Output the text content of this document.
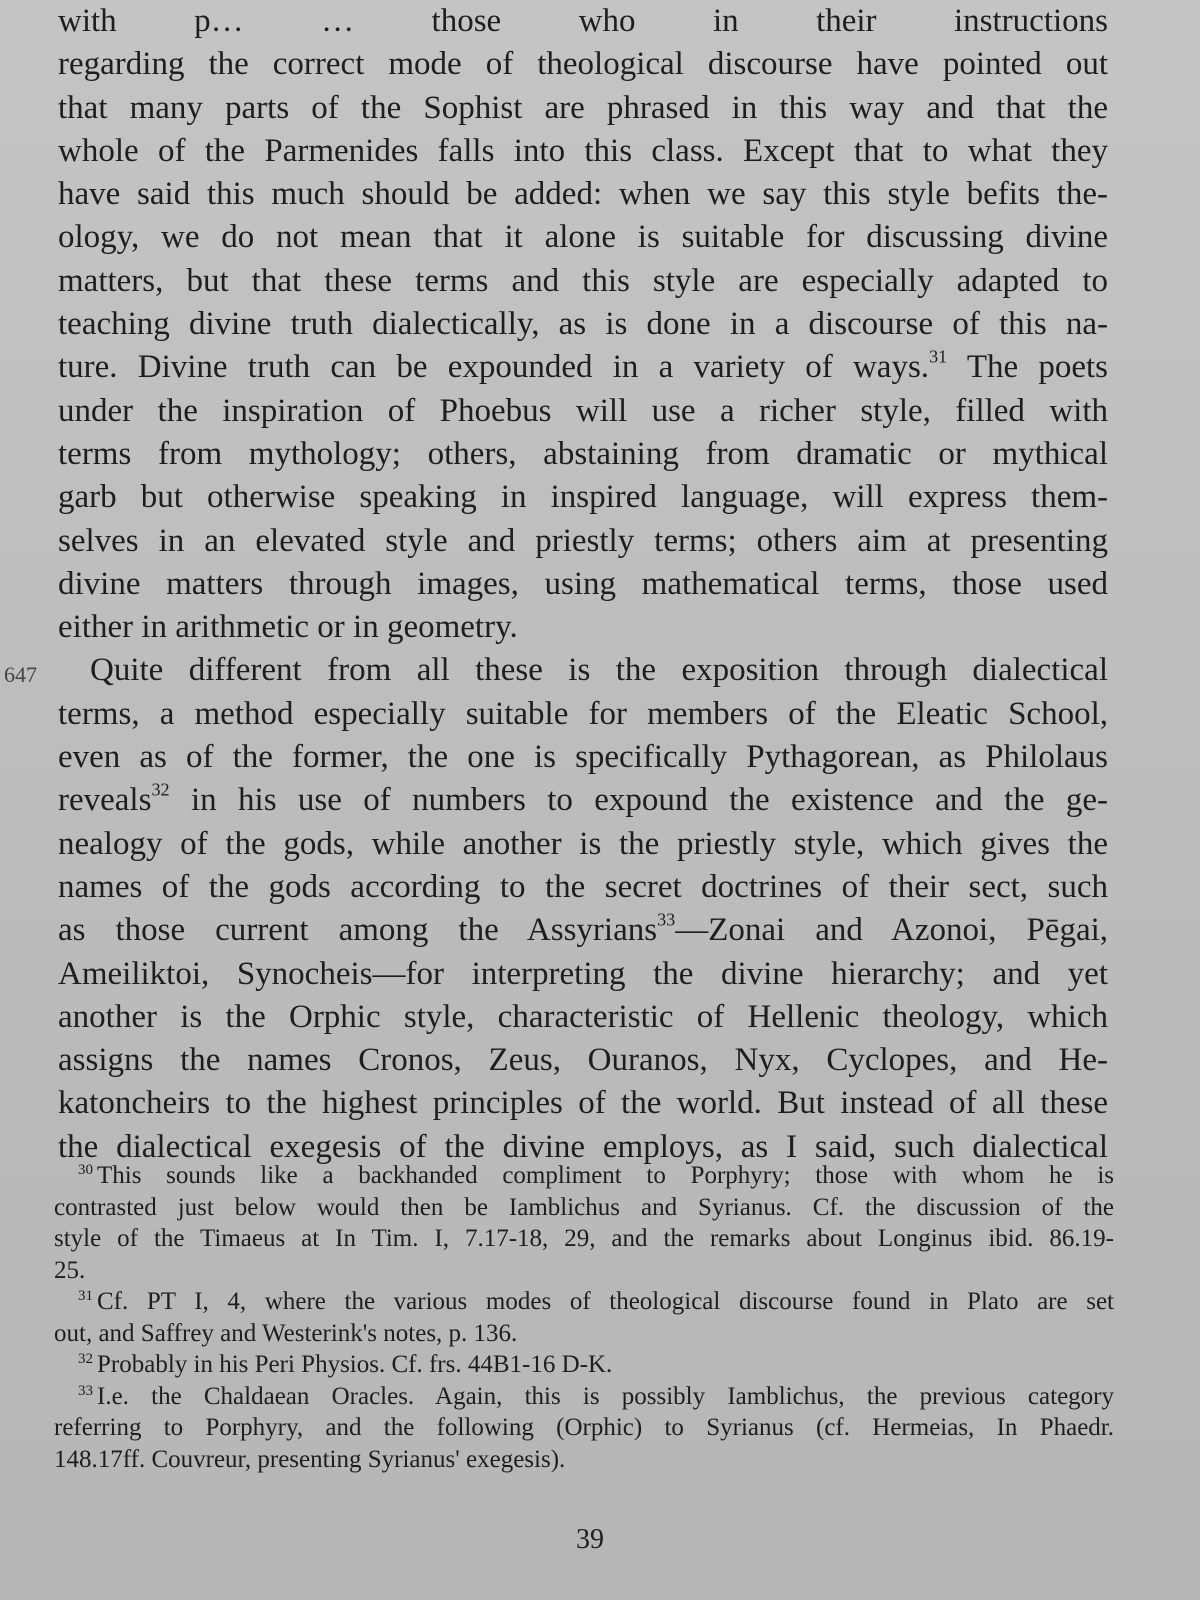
with p… … those who in their instructions
regarding the correct mode of theological discourse have pointed out
that many parts of the Sophist are phrased in this way and that the
whole of the Parmenides falls into this class. Except that to what they
have said this much should be added: when we say this style befits the-
ology, we do not mean that it alone is suitable for discussing divine
matters, but that these terms and this style are especially adapted to
teaching divine truth dialectically, as is done in a discourse of this na-
ture. Divine truth can be expounded in a variety of ways.$^{31}$ The poets
under the inspiration of Phoebus will use a richer style, filled with
terms from mythology; others, abstaining from dramatic or mythical
garb but otherwise speaking in inspired language, will express them-
selves in an elevated style and priestly terms; others aim at presenting
divine matters through images, using mathematical terms, those used
either in arithmetic or in geometry.
Quite different from all these is the exposition through dialectical
terms, a method especially suitable for members of the Eleatic School,
even as of the former, the one is specifically Pythagorean, as Philolaus
reveals$^{32}$ in his use of numbers to expound the existence and the ge-
nealogy of the gods, while another is the priestly style, which gives the
names of the gods according to the secret doctrines of their sect, such
as those current among the Assyrians$^{33}$—Zonai and Azonoi, Pēgai,
Ameiliktoi, Synocheis—for interpreting the divine hierarchy; and yet
another is the Orphic style, characteristic of Hellenic theology, which
assigns the names Cronos, Zeus, Ouranos, Nyx, Cyclopes, and He-
katoncheirs to the highest principles of the world. But instead of all these
the dialectical exegesis of the divine employs, as I said, such dialectical
647
$^{30}$ This sounds like a backhanded compliment to Porphyry; those with whom he is
contrasted just below would then be Iamblichus and Syrianus. Cf. the discussion of the
style of the Timaeus at In Tim. I, 7.17-18, 29, and the remarks about Longinus ibid. 86.19-
25.
$^{31}$ Cf. PT I, 4, where the various modes of theological discourse found in Plato are set
out, and Saffrey and Westerink's notes, p. 136.
$^{32}$ Probably in his Peri Physios. Cf. frs. 44B1-16 D-K.
$^{33}$ I.e. the Chaldaean Oracles. Again, this is possibly Iamblichus, the previous category
referring to Porphyry, and the following (Orphic) to Syrianus (cf. Hermeias, In Phaedr.
148.17ff. Couvreur, presenting Syrianus' exegesis).
39
